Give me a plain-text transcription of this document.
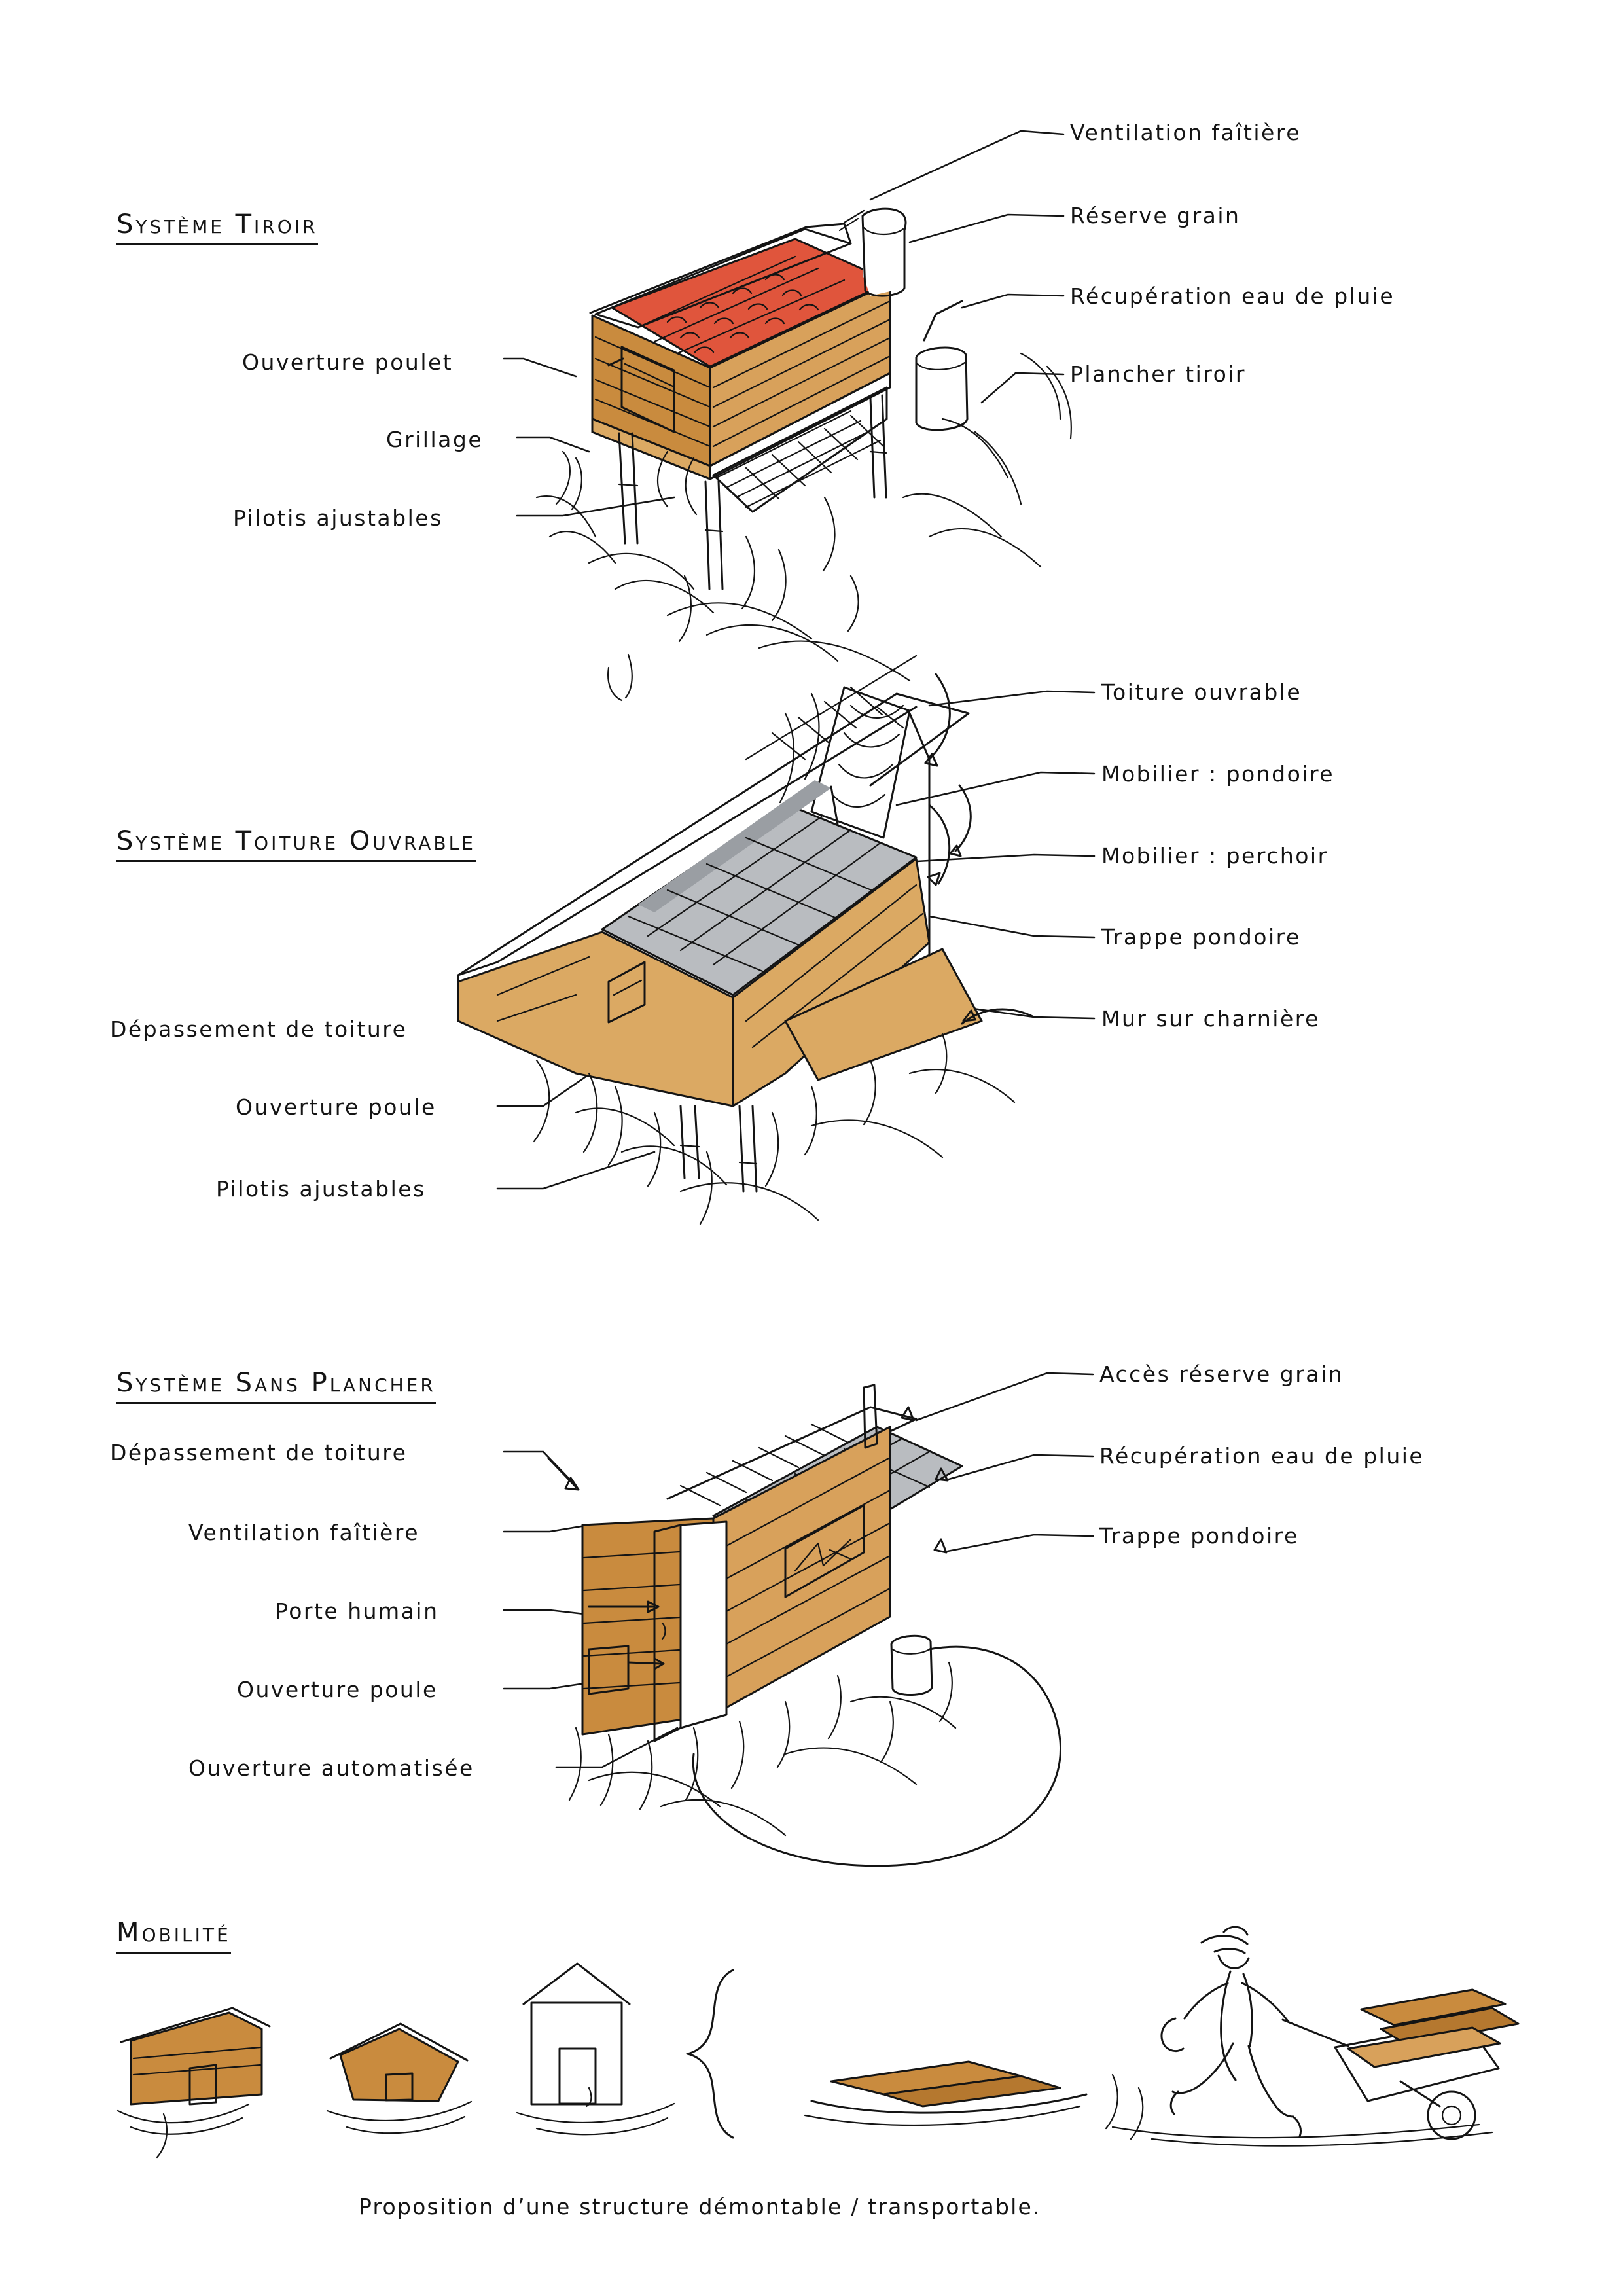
Système Tiroir
Système Toiture Ouvrable
Système Sans Plancher
Mobilité
Ouverture poulet
Grillage
Pilotis ajustables
Ventilation faîtière
Réserve grain
Récupération eau de pluie
Plancher tiroir
Dépassement de toiture
Ouverture poule
Pilotis ajustables
Toiture ouvrable
Mobilier : pondoire
Mobilier : perchoir
Trappe pondoire
Mur sur charnière
Dépassement de toiture
Ventilation faîtière
Porte humain
Ouverture poule
Ouverture automatisée
Accès réserve grain
Récupération eau de pluie
Trappe pondoire
Proposition d’une structure démontable / transportable.
